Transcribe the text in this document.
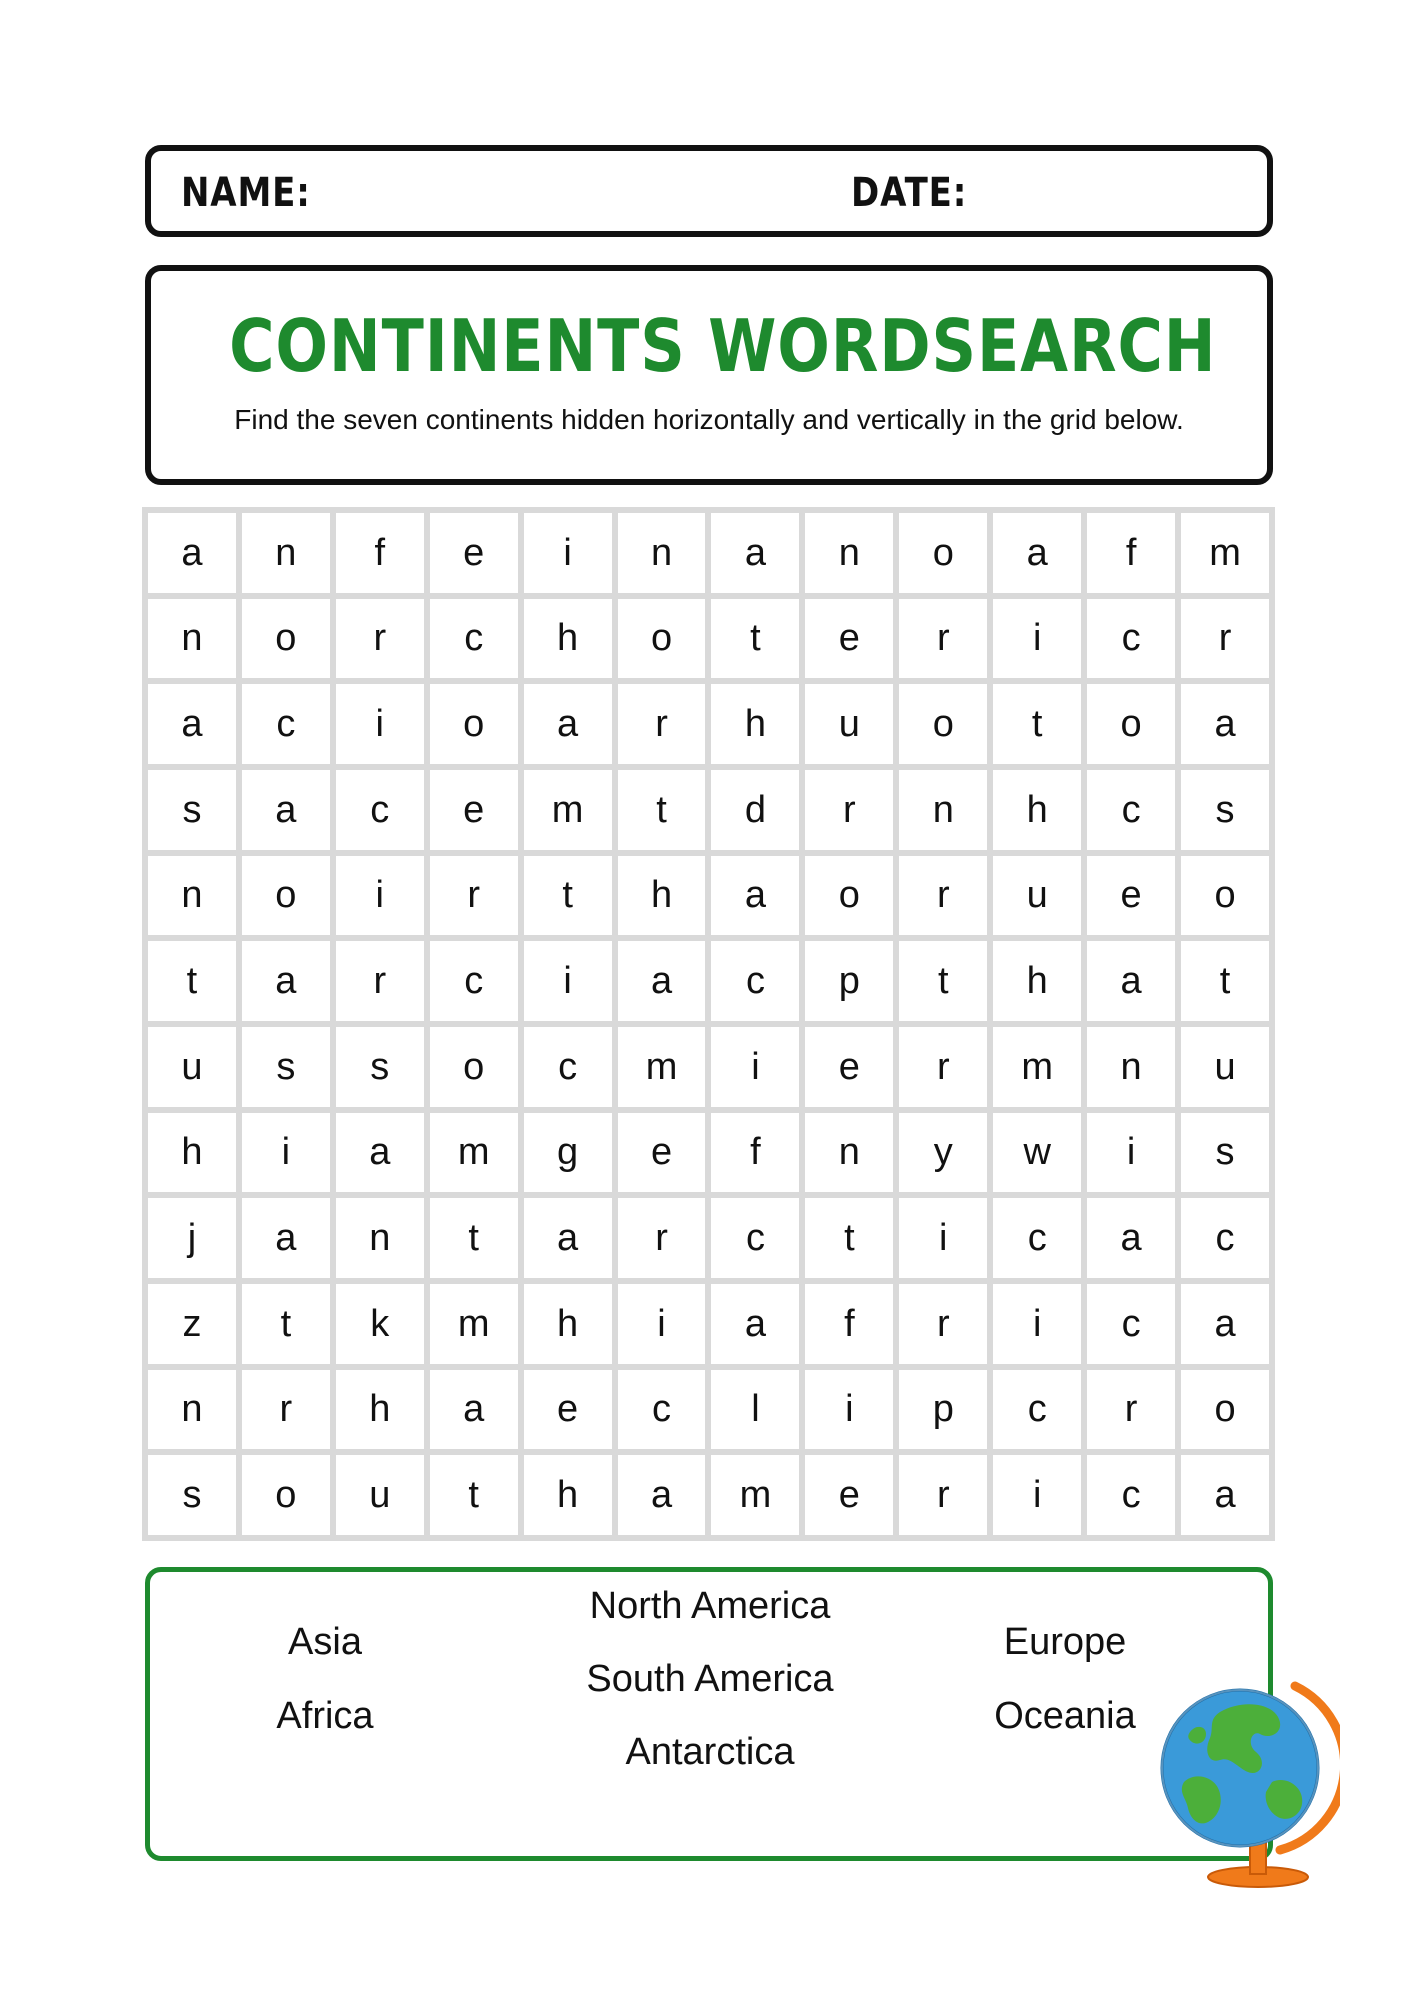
NAME:	DATE:
CONTINENTS WORDSEARCH
Find the seven continents hidden horizontally and vertically in the grid below.
a	n	f	e	i	n	a	n	o	a	f	m
n	o	r	c	h	o	t	e	r	i	c	r
a	c	i	o	a	r	h	u	o	t	o	a
s	a	c	e	m	t	d	r	n	h	c	s
n	o	i	r	t	h	a	o	r	u	e	o
t	a	r	c	i	a	c	p	t	h	a	t
u	s	s	o	c	m	i	e	r	m	n	u
h	i	a	m	g	e	f	n	y	w	i	s
j	a	n	t	a	r	c	t	i	c	a	c
z	t	k	m	h	i	a	f	r	i	c	a
n	r	h	a	e	c	l	i	p	c	r	o
s	o	u	t	h	a	m	e	r	i	c	a
Asia
Africa
North America
South America
Antarctica
Europe
Oceania
